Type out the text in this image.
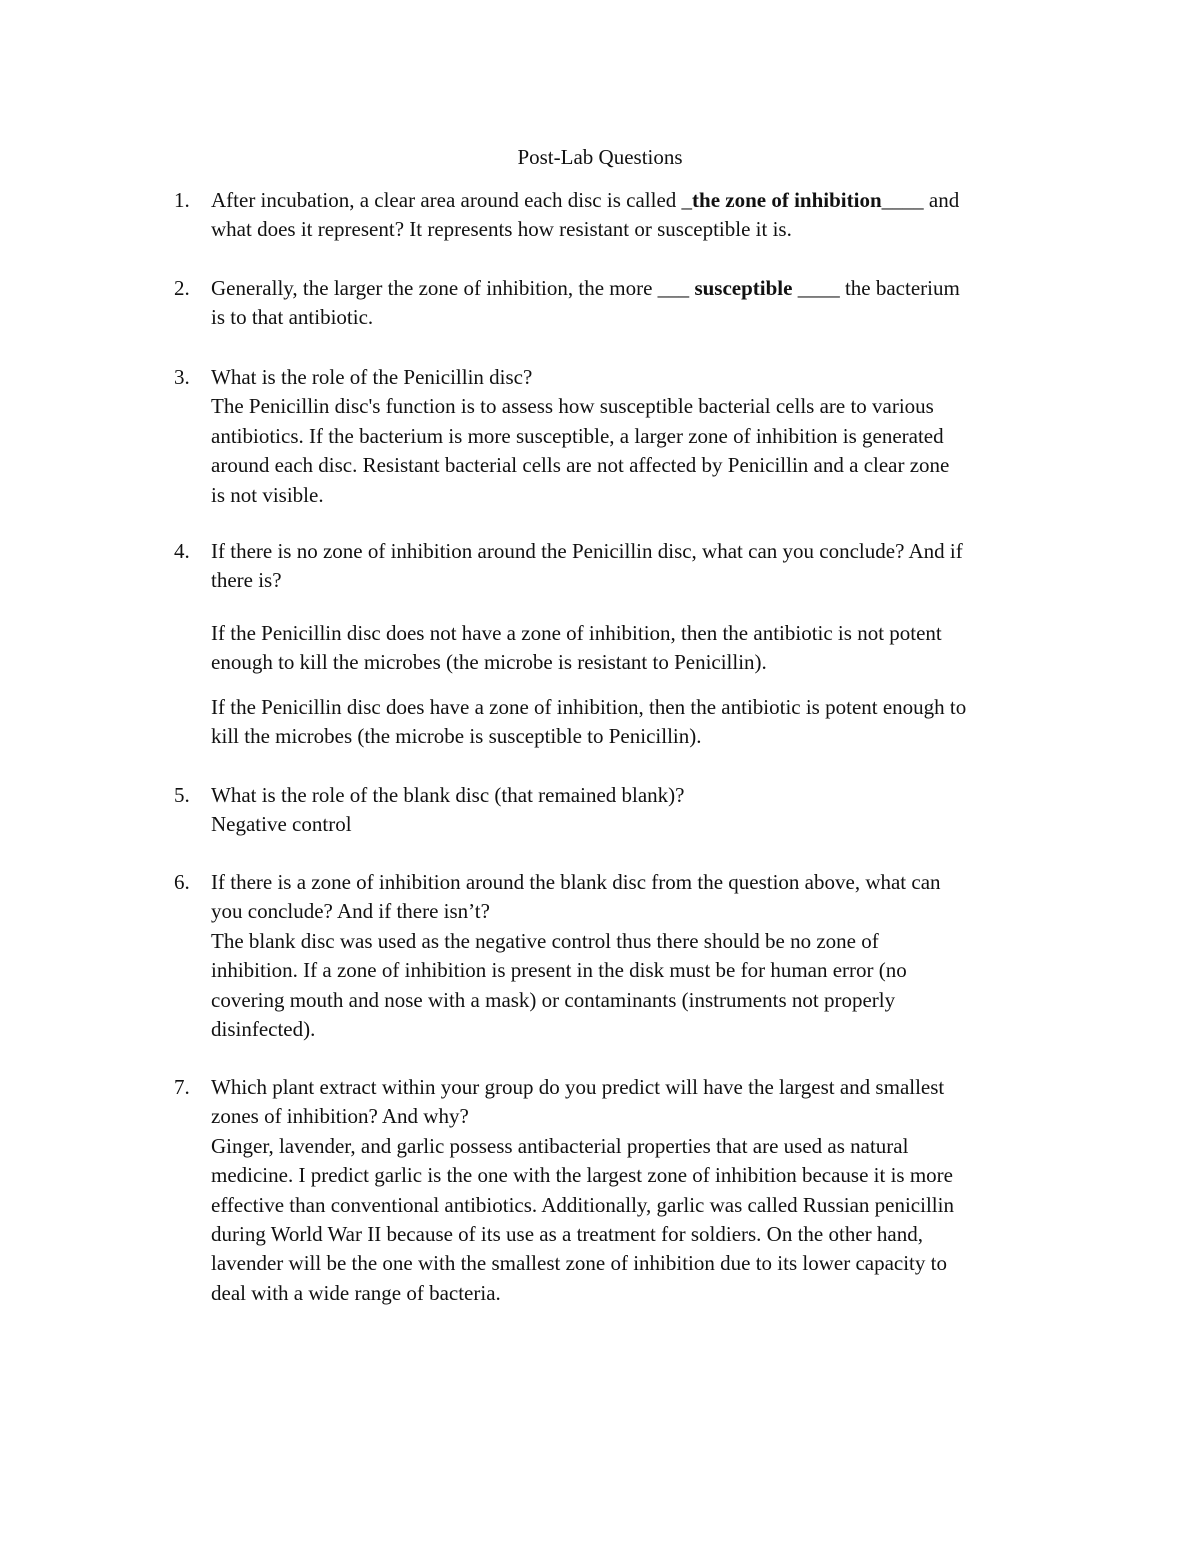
Post-Lab Questions
1.	After incubation, a clear area around each disc is called _the zone of inhibition____ and
what does it represent? It represents how resistant or susceptible it is.
2.	Generally, the larger the zone of inhibition, the more ___ susceptible ____ the bacterium
is to that antibiotic.
3.	What is the role of the Penicillin disc?
The Penicillin disc's function is to assess how susceptible bacterial cells are to various
antibiotics. If the bacterium is more susceptible, a larger zone of inhibition is generated
around each disc. Resistant bacterial cells are not affected by Penicillin and a clear zone
is not visible.
4.	If there is no zone of inhibition around the Penicillin disc, what can you conclude? And if
there is?
If the Penicillin disc does not have a zone of inhibition, then the antibiotic is not potent
enough to kill the microbes (the microbe is resistant to Penicillin).
If the Penicillin disc does have a zone of inhibition, then the antibiotic is potent enough to
kill the microbes (the microbe is susceptible to Penicillin).
5.	What is the role of the blank disc (that remained blank)?
Negative control
6.	If there is a zone of inhibition around the blank disc from the question above, what can
you conclude? And if there isn’t?
The blank disc was used as the negative control thus there should be no zone of
inhibition. If a zone of inhibition is present in the disk must be for human error (no
covering mouth and nose with a mask) or contaminants (instruments not properly
disinfected).
7.	Which plant extract within your group do you predict will have the largest and smallest
zones of inhibition? And why?
Ginger, lavender, and garlic possess antibacterial properties that are used as natural
medicine. I predict garlic is the one with the largest zone of inhibition because it is more
effective than conventional antibiotics. Additionally, garlic was called Russian penicillin
during World War II because of its use as a treatment for soldiers. On the other hand,
lavender will be the one with the smallest zone of inhibition due to its lower capacity to
deal with a wide range of bacteria.
